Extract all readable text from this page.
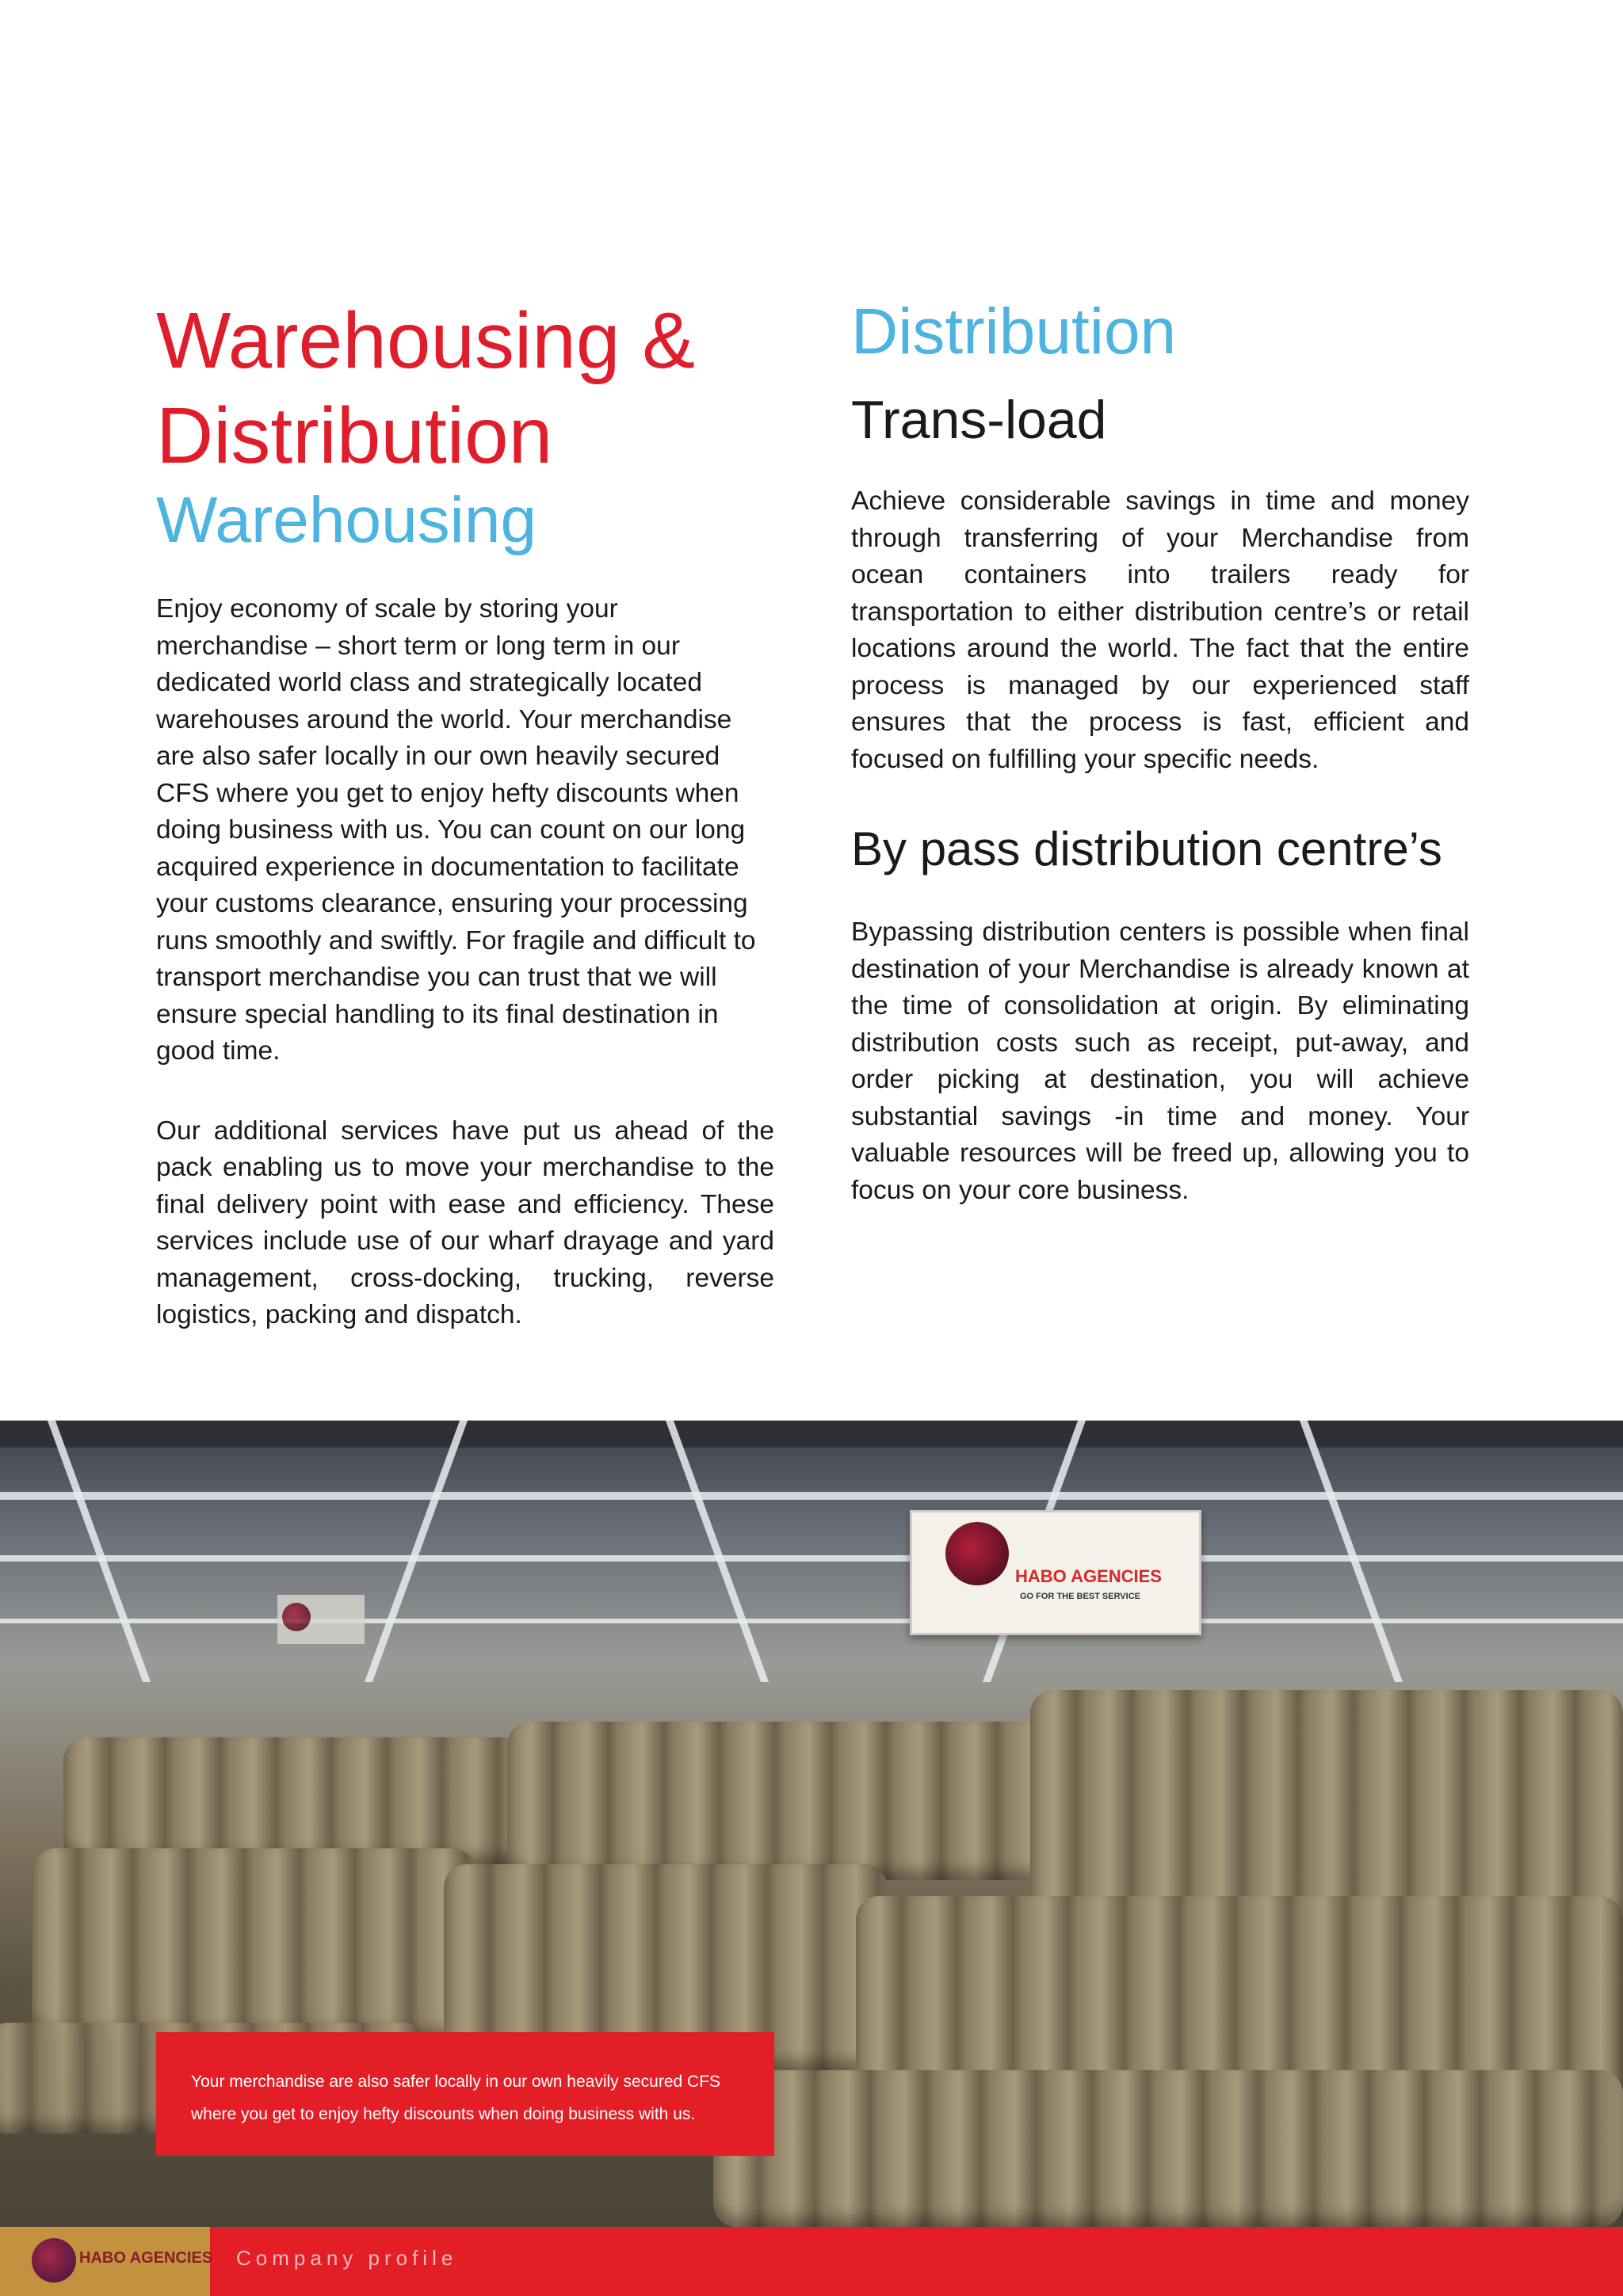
Warehousing &
Distribution
Warehousing

Enjoy economy of scale by storing your merchandise – short term or long term in our dedicated world class and strategically located warehouses around the world. Your merchandise are also safer locally in our own heavily secured CFS where you get to enjoy hefty discounts when doing business with us. You can count on our long acquired experience in documentation to facilitate your customs clearance, ensuring your processing runs smoothly and swiftly. For fragile and difficult to transport merchandise you can trust that we will ensure special handling to its final destination in good time.

Our additional services have put us ahead of the pack enabling us to move your merchandise to the final delivery point with ease and efficiency. These services include use of our wharf drayage and yard management, cross-docking, trucking, reverse logistics, packing and dispatch.

Distribution
Trans-load

Achieve considerable savings in time and money through transferring of your Merchandise from ocean containers into trailers ready for transportation to either distribution centre’s or retail locations around the world. The fact that the entire process is managed by our experienced staff ensures that the process is fast, efficient and focused on fulfilling your specific needs.

By pass distribution centre’s

Bypassing distribution centers is possible when final destination of your Merchandise is already known at the time of consolidation at origin. By eliminating distribution costs such as receipt, put-away, and order picking at destination, you will achieve substantial savings -in time and money. Your valuable resources will be freed up, allowing you to focus on your core business.

HABO AGENCIES
GO FOR THE BEST SERVICE

Your merchandise are also safer locally in our own heavily secured CFS

where you get to enjoy hefty discounts when doing business with us.

HABO AGENCIES Company profile
